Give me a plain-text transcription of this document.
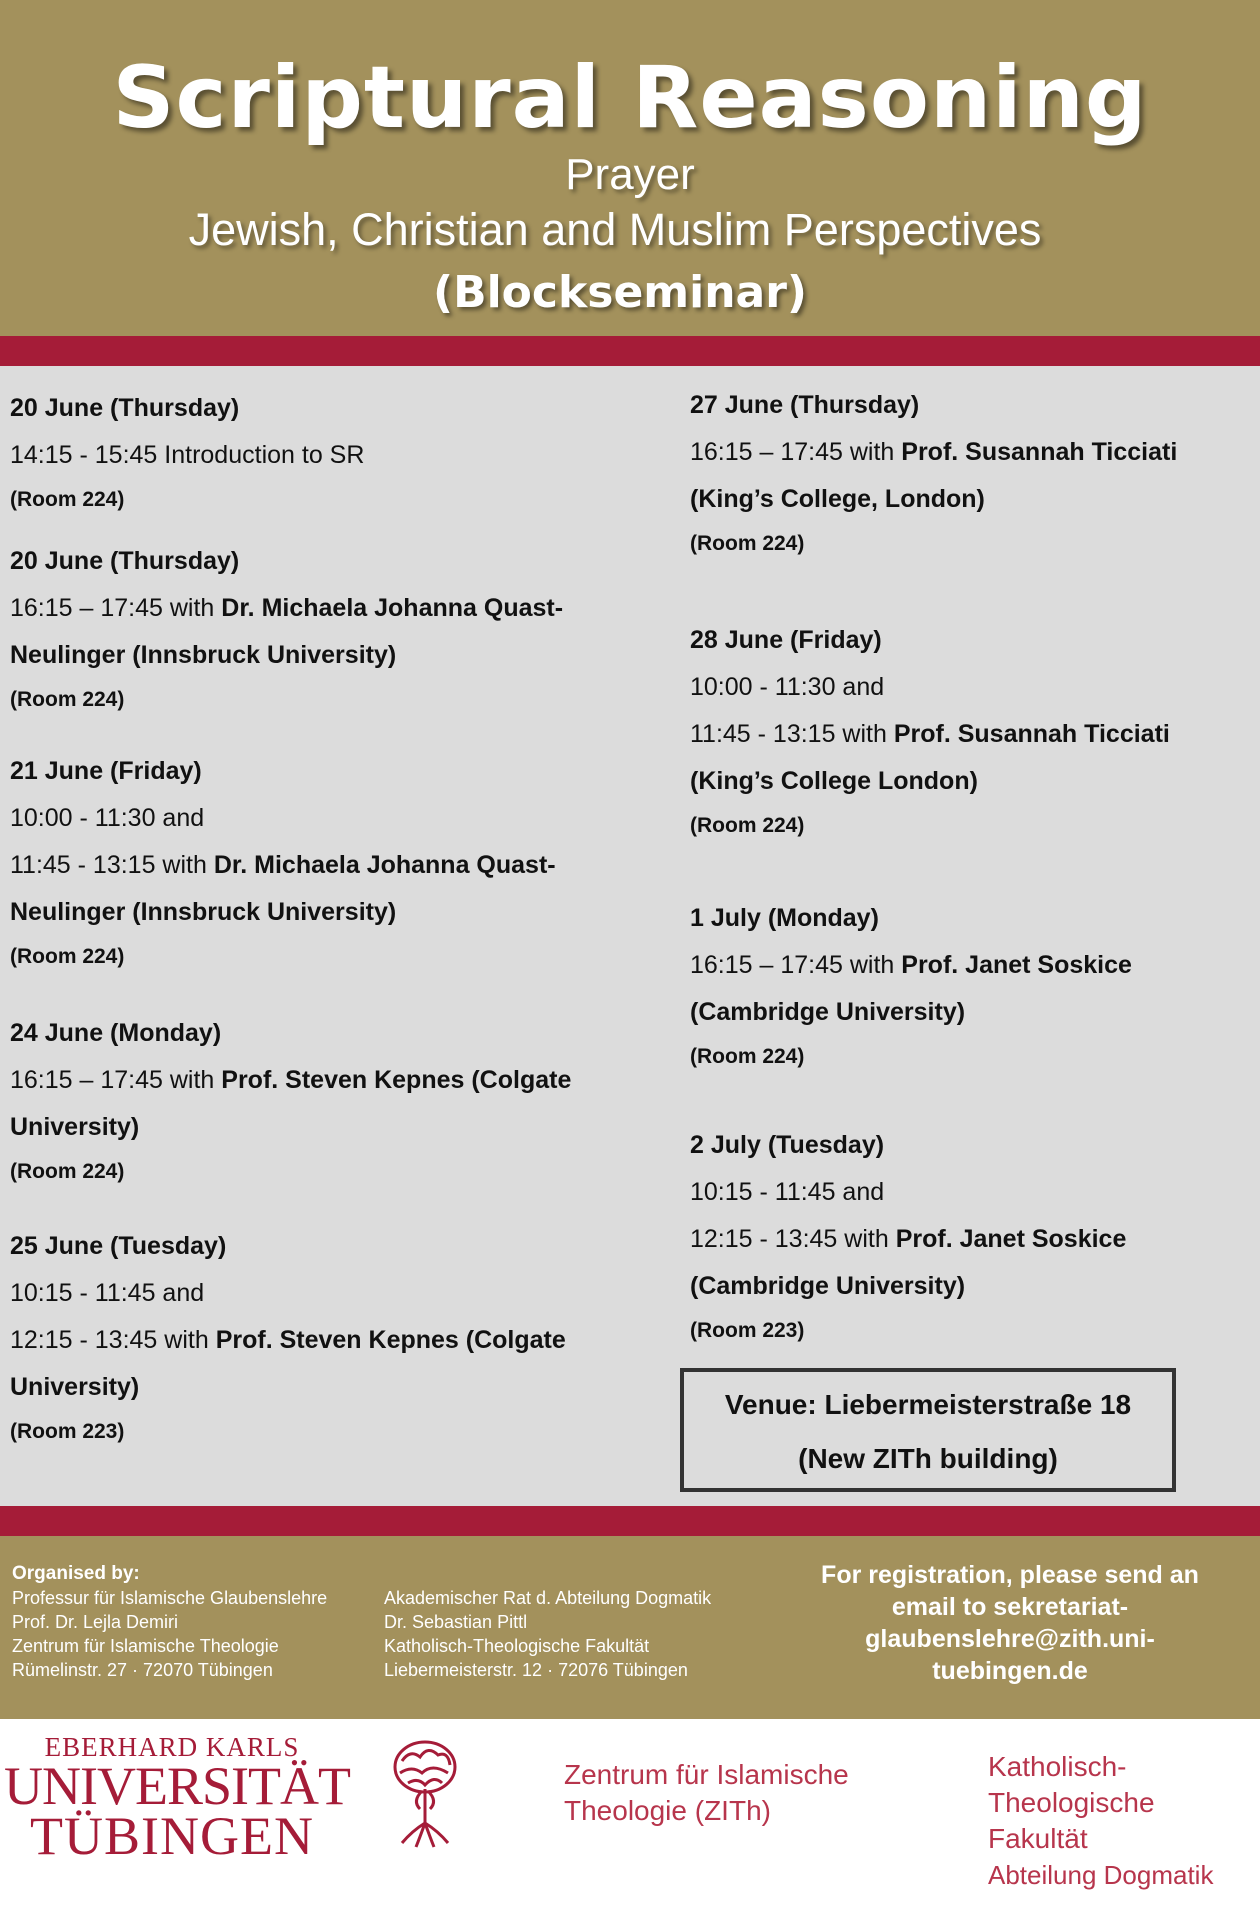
Scriptural Reasoning
Prayer
Jewish, Christian and Muslim Perspectives
(Blockseminar)
20 June (Thursday)
14:15 - 15:45 Introduction to SR
(Room 224)
20 June (Thursday)
16:15 – 17:45 with Dr. Michaela Johanna Quast-
Neulinger (Innsbruck University)
(Room 224)
21 June (Friday)
10:00 - 11:30 and
11:45 - 13:15 with Dr. Michaela Johanna Quast-
Neulinger (Innsbruck University)
(Room 224)
24 June (Monday)
16:15 – 17:45 with Prof. Steven Kepnes (Colgate
University)
(Room 224)
25 June (Tuesday)
10:15 - 11:45 and
12:15 - 13:45 with Prof. Steven Kepnes (Colgate
University)
(Room 223)
27 June (Thursday)
16:15 – 17:45 with Prof. Susannah Ticciati
(King’s College, London)
(Room 224)
28 June (Friday)
10:00 - 11:30 and
11:45 - 13:15 with Prof. Susannah Ticciati
(King’s College London)
(Room 224)
1 July (Monday)
16:15 – 17:45 with Prof. Janet Soskice
(Cambridge University)
(Room 224)
2 July (Tuesday)
10:15 - 11:45 and
12:15 - 13:45 with Prof. Janet Soskice
(Cambridge University)
(Room 223)
Venue: Liebermeisterstraße 18
(New ZITh building)
Organised by:
Professur für Islamische Glaubenslehre
Prof. Dr. Lejla Demiri
Zentrum für Islamische Theologie
Rümelinstr. 27 · 72070 Tübingen
Akademischer Rat d. Abteilung Dogmatik
Dr. Sebastian Pittl
Katholisch-Theologische Fakultät
Liebermeisterstr. 12 · 72076 Tübingen
For registration, please send an
email to sekretariat-
glaubenslehre@zith.uni-
tuebingen.de
EBERHARD KARLS
UNIVERSITÄT
TÜBINGEN
Zentrum für Islamische
Theologie (ZITh)
Katholisch-
Theologische
Fakultät
Abteilung Dogmatik
